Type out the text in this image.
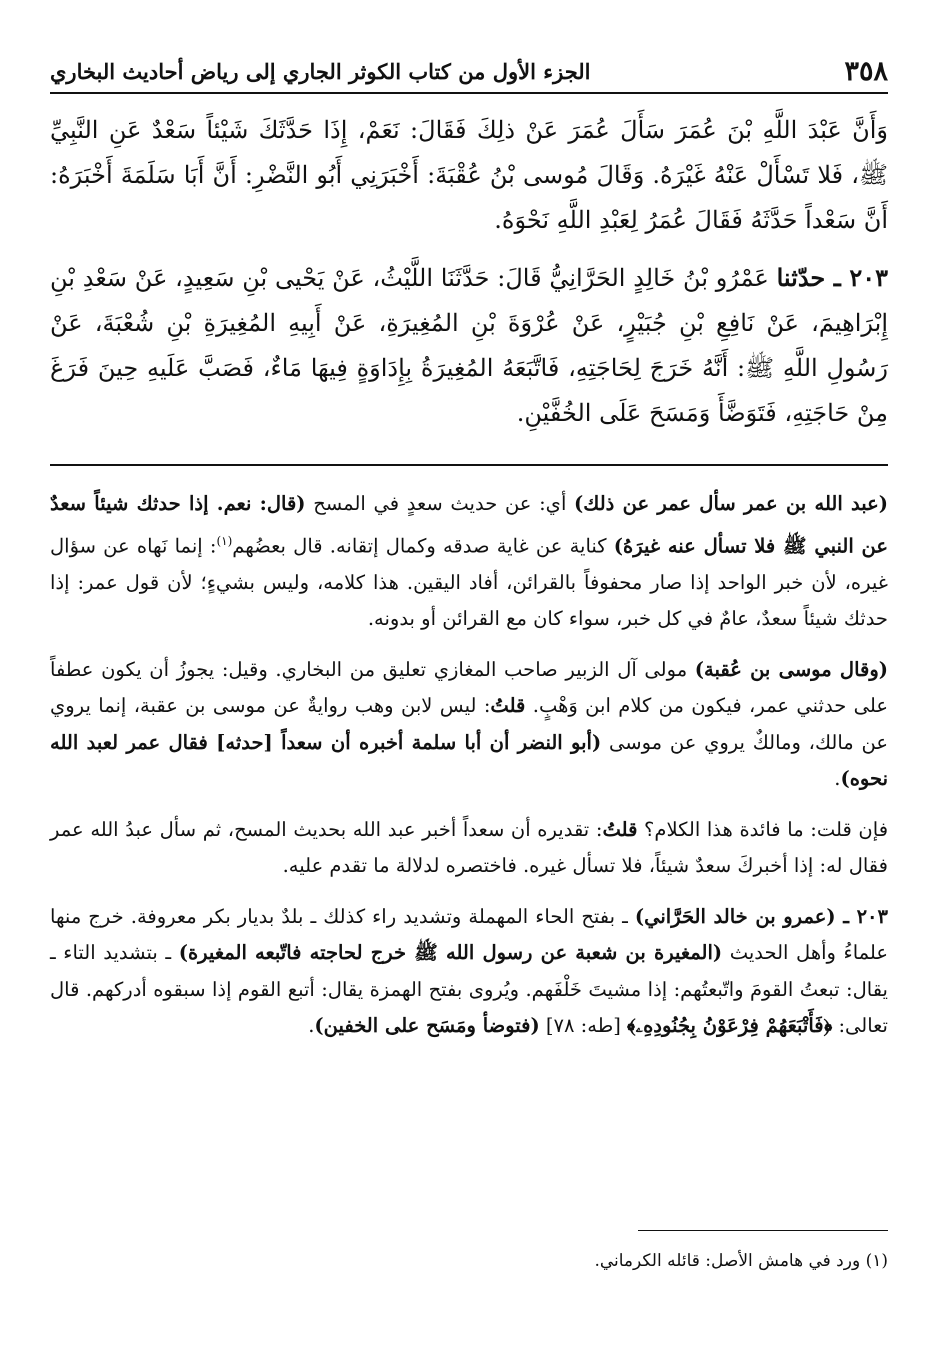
٣٥٨
الجزء الأول من كتاب الكوثر الجاري إلى رياض أحاديث البخاري

وَأَنَّ عَبْدَ اللَّهِ بْنَ عُمَرَ سَأَلَ عُمَرَ عَنْ ذلِكَ فَقَالَ: نَعَمْ، إِذَا حَدَّثَكَ شَيْئاً سَعْدٌ عَنِ النَّبِيِّ ﷺ، فَلا تَسْأَلْ عَنْهُ غَيْرَهُ. وَقَالَ مُوسى بْنُ عُقْبَةَ: أَخْبَرَنِي أَبُو النَّضْرِ: أَنَّ أَبَا سَلَمَةَ أَخْبَرَهُ: أَنَّ سَعْداً حَدَّثَهُ فَقَالَ عُمَرُ لِعَبْدِ اللَّهِ نَحْوَهُ.

٢٠٣ ـ حدّثنا عَمْرُو بْنُ خَالِدٍ الحَرَّانِيُّ قَالَ: حَدَّثَنَا اللَّيْثُ، عَنْ يَحْيى بْنِ سَعِيدٍ، عَنْ سَعْدِ بْنِ إِبْرَاهِيمَ، عَنْ نَافِعِ بْنِ جُبَيْرٍ، عَنْ عُرْوَةَ بْنِ المُغِيرَةِ، عَنْ أَبِيهِ المُغِيرَةِ بْنِ شُعْبَةَ، عَنْ رَسُولِ اللَّهِ ﷺ: أَنَّهُ خَرَجَ لِحَاجَتِهِ، فَاتَّبَعَهُ المُغِيرَةُ بِإِدَاوَةٍ فِيهَا مَاءٌ، فَصَبَّ عَلَيهِ حِينَ فَرَغَ مِنْ حَاجَتِهِ، فَتَوَضَّأَ وَمَسَحَ عَلَى الخُفَّيْنِ.

(عبد الله بن عمر سأل عمر عن ذلك) أي: عن حديث سعدٍ في المسح (قال: نعم. إذا حدثك شيئاً سعدٌ عن النبي ﷺ فلا تسأل عنه غيرَهُ) كناية عن غاية صدقه وكمال إتقانه. قال بعضُهم$^{(١)}$: إنما نَهاه عن سؤال غيره، لأن خبر الواحد إذا صار محفوفاً بالقرائن، أفاد اليقين. هذا كلامه، وليس بشيءٍ؛ لأن قول عمر: إذا حدثك شيئاً سعدٌ، عامٌ في كل خبر، سواء كان مع القرائن أو بدونه.

(وقال موسى بن عُقبة) مولى آل الزبير صاحب المغازي تعليق من البخاري. وقيل: يجوزُ أن يكون عطفاً على حدثني عمر، فيكون من كلام ابن وَهْبٍ. قلتُ: ليس لابن وهب روايةٌ عن موسى بن عقبة، إنما يروي عن مالك، ومالكٌ يروي عن موسى (أبو النضر أن أبا سلمة أخبره أن سعداً [حدثه] فقال عمر لعبد الله نحوه).

فإن قلت: ما فائدة هذا الكلام؟ قلتُ: تقديره أن سعداً أخبر عبد الله بحديث المسح، ثم سأل عبدُ الله عمر فقال له: إذا أخبركَ سعدٌ شيئاً، فلا تسأل غيره. فاختصره لدلالة ما تقدم عليه.

٢٠٣ ـ (عمرو بن خالد الحَرَّاني) ـ بفتح الحاء المهملة وتشديد راء كذلك ـ بلدٌ بديار بكر معروفة. خرج منها علماءُ وأهل الحديث (المغيرة بن شعبة عن رسول الله ﷺ خرج لحاجته فاتّبعه المغيرة) ـ بتشديد التاء ـ يقال: تبعتُ القومَ واتّبعتُهم: إذا مشيتَ خَلْفَهم. ويُروى بفتح الهمزة يقال: أتبع القوم إذا سبقوه أدركهم. قال تعالى: ﴿فَأَتْبَعَهُمْ فِرْعَوْنُ بِجُنُودِهِۦ﴾ [طه: ٧٨] (فتوضأ ومَسَح على الخفين).

(١) ورد في هامش الأصل: قائله الكرماني.
